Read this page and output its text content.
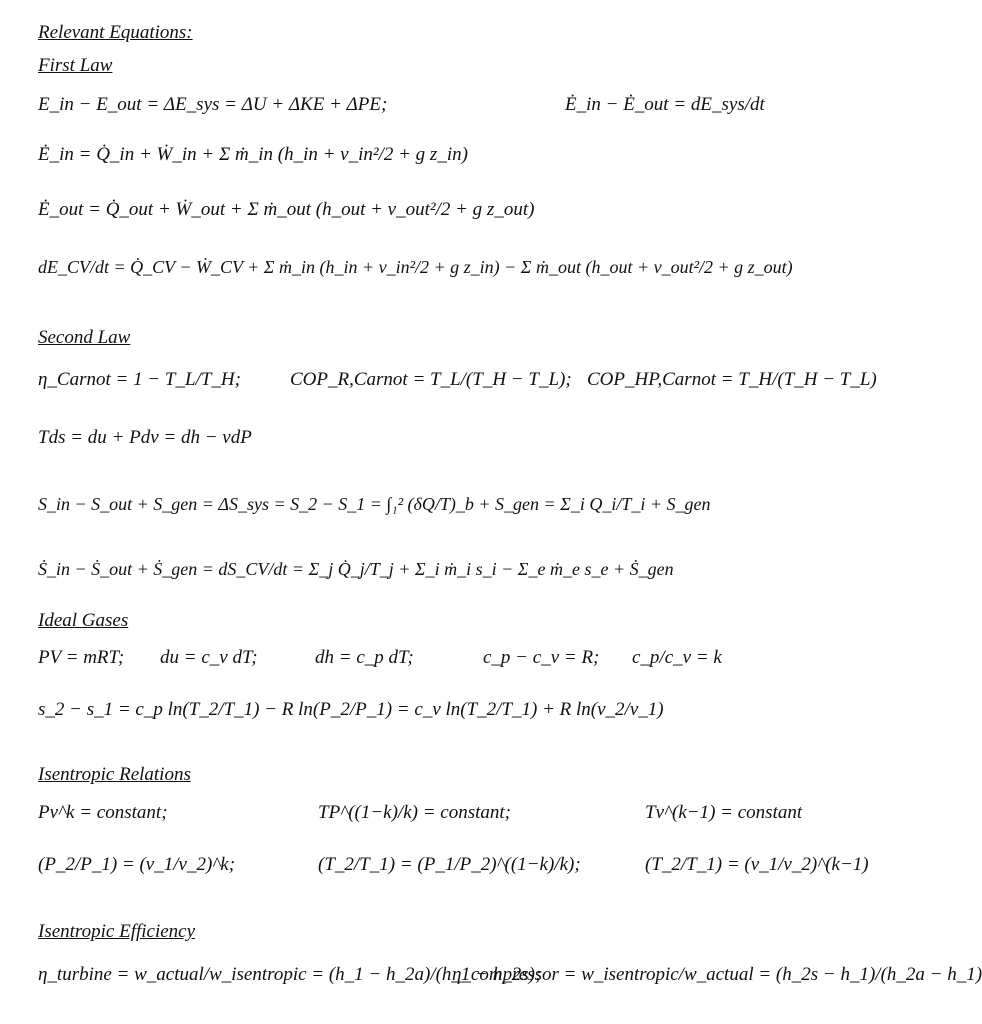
Relevant Equations:
First Law
Second Law
Ideal Gases
Isentropic Relations
Isentropic Efficiency
E_in − E_out = ΔE_sys = ΔU + ΔKE + ΔPE;	Ė_in − Ė_out = dE_sys/dt
Ė_in = Q̇_in + Ẇ_in + Σ ṁ_in (h_in + v_in²/2 + g z_in)
Ė_out = Q̇_out + Ẇ_out + Σ ṁ_out (h_out + v_out²/2 + g z_out)
dE_CV/dt = Q̇_CV − Ẇ_CV + Σ ṁ_in (h_in + v_in²/2 + g z_in) − Σ ṁ_out (h_out + v_out²/2 + g z_out)
η_Carnot = 1 − T_L/T_H;	COP_R,Carnot = T_L/(T_H − T_L); COP_HP,Carnot = T_H/(T_H − T_L)
Tds = du + Pdv = dh − vdP
S_in − S_out + S_gen = ΔS_sys = S_2 − S_1 = ∫₁² (δQ/T)_b + S_gen = Σ_i Q_i/T_i + S_gen
Ṡ_in − Ṡ_out + Ṡ_gen = dS_CV/dt = Σ_j Q̇_j/T_j + Σ_i ṁ_i s_i − Σ_e ṁ_e s_e + Ṡ_gen
PV = mRT; du = c_v dT;	dh = c_p dT;	c_p − c_v = R; c_p/c_v = k
s_2 − s_1 = c_p ln(T_2/T_1) − R ln(P_2/P_1) = c_v ln(T_2/T_1) + R ln(v_2/v_1)
Pv^k = constant;	TP^((1−k)/k) = constant;	Tv^(k−1) = constant
(P_2/P_1) = (v_1/v_2)^k;	(T_2/T_1) = (P_1/P_2)^((1−k)/k);	(T_2/T_1) = (v_1/v_2)^(k−1)
η_turbine = w_actual/w_isentropic = (h_1 − h_2a)/(h_1 − h_2s);
η_compressor = w_isentropic/w_actual = (h_2s − h_1)/(h_2a − h_1)
